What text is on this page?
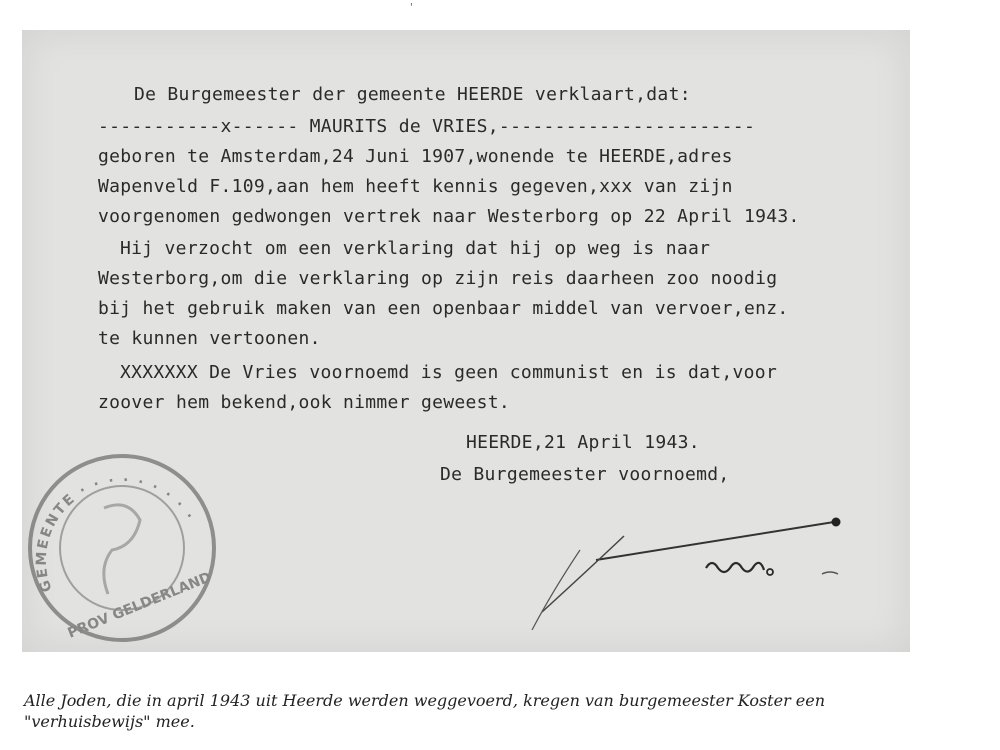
'
De Burgemeester der gemeente HEERDE verklaart,dat:
-----------x------ MAURITS de VRIES,-----------------------
geboren te Amsterdam,24 Juni 1907,wonende te HEERDE,adres
Wapenveld F.109,aan hem heeft kennis gegeven,xxx van zijn
voorgenomen gedwongen vertrek naar Westerborg op 22 April 1943.
Hij verzocht om een verklaring dat hij op weg is naar
Westerborg,om die verklaring op zijn reis daarheen zoo noodig
bij het gebruik maken van een openbaar middel van vervoer,enz.
te kunnen vertoonen.
XXXXXXX De Vries voornoemd is geen communist en is dat,voor
zoover hem bekend,ook nimmer geweest.
HEERDE,21 April 1943.
De Burgemeester voornoemd,
GEMEENTE · · · · · · · · ·
PROV GELDERLAND
Alle Joden, die in april 1943 uit Heerde werden weggevoerd, kregen van burgemeester Koster een "verhuisbewijs" mee.
